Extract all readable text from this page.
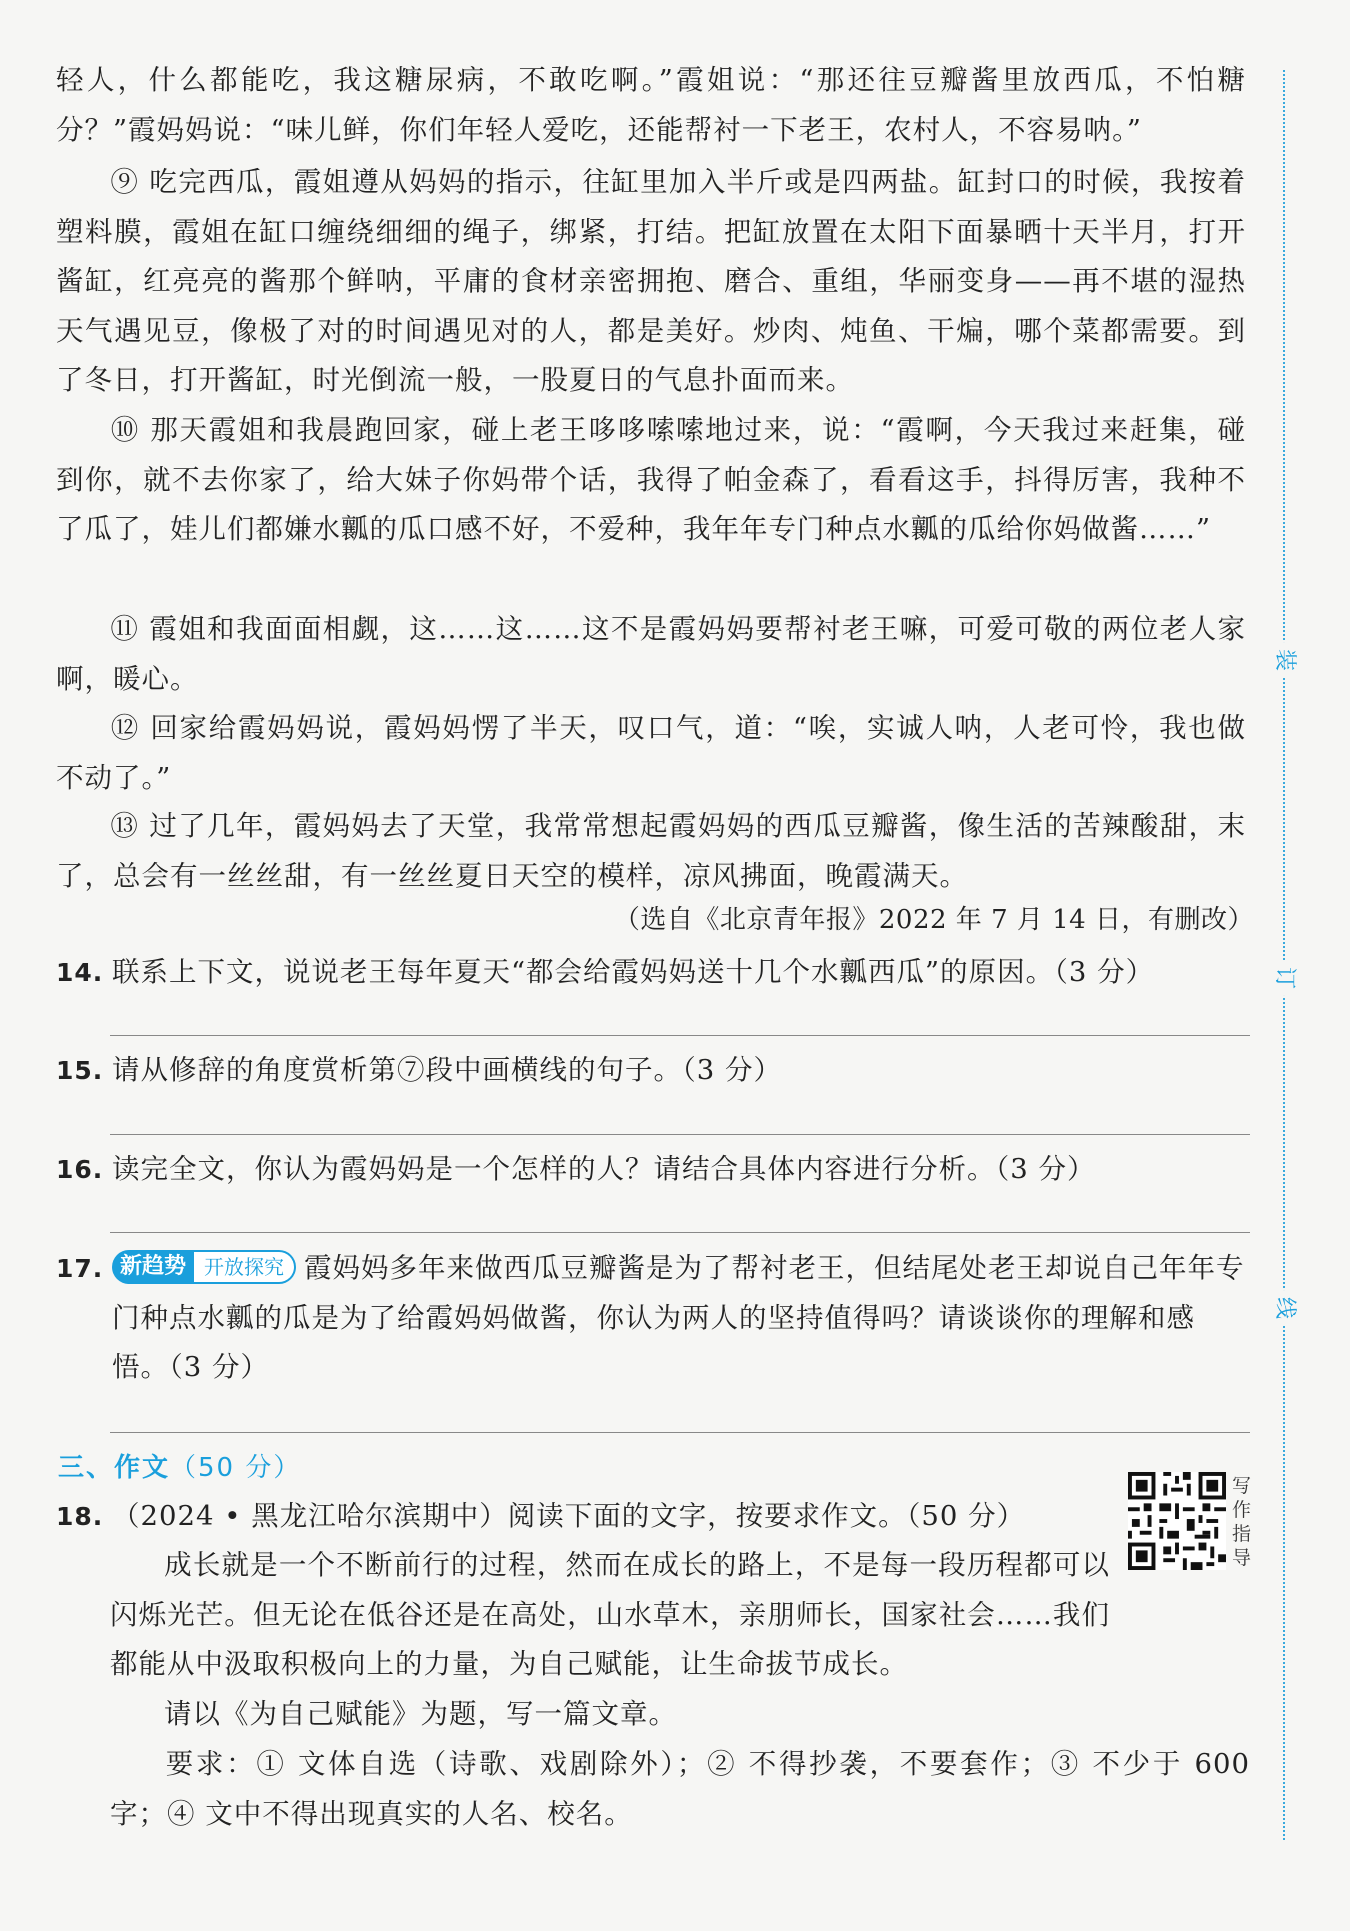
轻人，什么都能吃，我这糖尿病，不敢吃啊。”霞姐说：“那还往豆瓣酱里放西瓜，不怕糖分？”霞妈妈说：“味儿鲜，你们年轻人爱吃，还能帮衬一下老王，农村人，不容易呐。”

⑨ 吃完西瓜，霞姐遵从妈妈的指示，往缸里加入半斤或是四两盐。缸封口的时候，我按着塑料膜，霞姐在缸口缠绕细细的绳子，绑紧，打结。把缸放置在太阳下面暴晒十天半月，打开酱缸，红亮亮的酱那个鲜呐，平庸的食材亲密拥抱、磨合、重组，华丽变身——再不堪的湿热天气遇见豆，像极了对的时间遇见对的人，都是美好。炒肉、炖鱼、干煸，哪个菜都需要。到了冬日，打开酱缸，时光倒流一般，一股夏日的气息扑面而来。

⑩ 那天霞姐和我晨跑回家，碰上老王哆哆嗦嗦地过来，说：“霞啊，今天我过来赶集，碰到你，就不去你家了，给大妹子你妈带个话，我得了帕金森了，看看这手，抖得厉害，我种不了瓜了，娃儿们都嫌水瓤的瓜口感不好，不爱种，我年年专门种点水瓤的瓜给你妈做酱……”

⑪ 霞姐和我面面相觑，这……这……这不是霞妈妈要帮衬老王嘛，可爱可敬的两位老人家啊，暖心。

⑫ 回家给霞妈妈说，霞妈妈愣了半天，叹口气，道：“唉，实诚人呐，人老可怜，我也做不动了。”

⑬ 过了几年，霞妈妈去了天堂，我常常想起霞妈妈的西瓜豆瓣酱，像生活的苦辣酸甜，末了，总会有一丝丝甜，有一丝丝夏日天空的模样，凉风拂面，晚霞满天。

（选自《北京青年报》2022 年 7 月 14 日，有删改）

14. 联系上下文，说说老王每年夏天“都会给霞妈妈送十几个水瓤西瓜”的原因。（3 分）

15. 请从修辞的角度赏析第⑦段中画横线的句子。（3 分）

16. 读完全文，你认为霞妈妈是一个怎样的人？请结合具体内容进行分析。（3 分）

17. 新趋势 开放探究 霞妈妈多年来做西瓜豆瓣酱是为了帮衬老王，但结尾处老王却说自己年年专门种点水瓤的瓜是为了给霞妈妈做酱，你认为两人的坚持值得吗？请谈谈你的理解和感悟。（3 分）
三、作文（50 分）

18. （2024 • 黑龙江哈尔滨期中）阅读下面的文字，按要求作文。（50 分）

成长就是一个不断前行的过程，然而在成长的路上，不是每一段历程都可以闪烁光芒。但无论在低谷还是在高处，山水草木，亲朋师长，国家社会……我们都能从中汲取积极向上的力量，为自己赋能，让生命拔节成长。

请以《为自己赋能》为题，写一篇文章。

要求：① 文体自选（诗歌、戏剧除外）；② 不得抄袭，不要套作；③ 不少于 600 字；④ 文中不得出现真实的人名、校名。

写作指导
装
订
线
